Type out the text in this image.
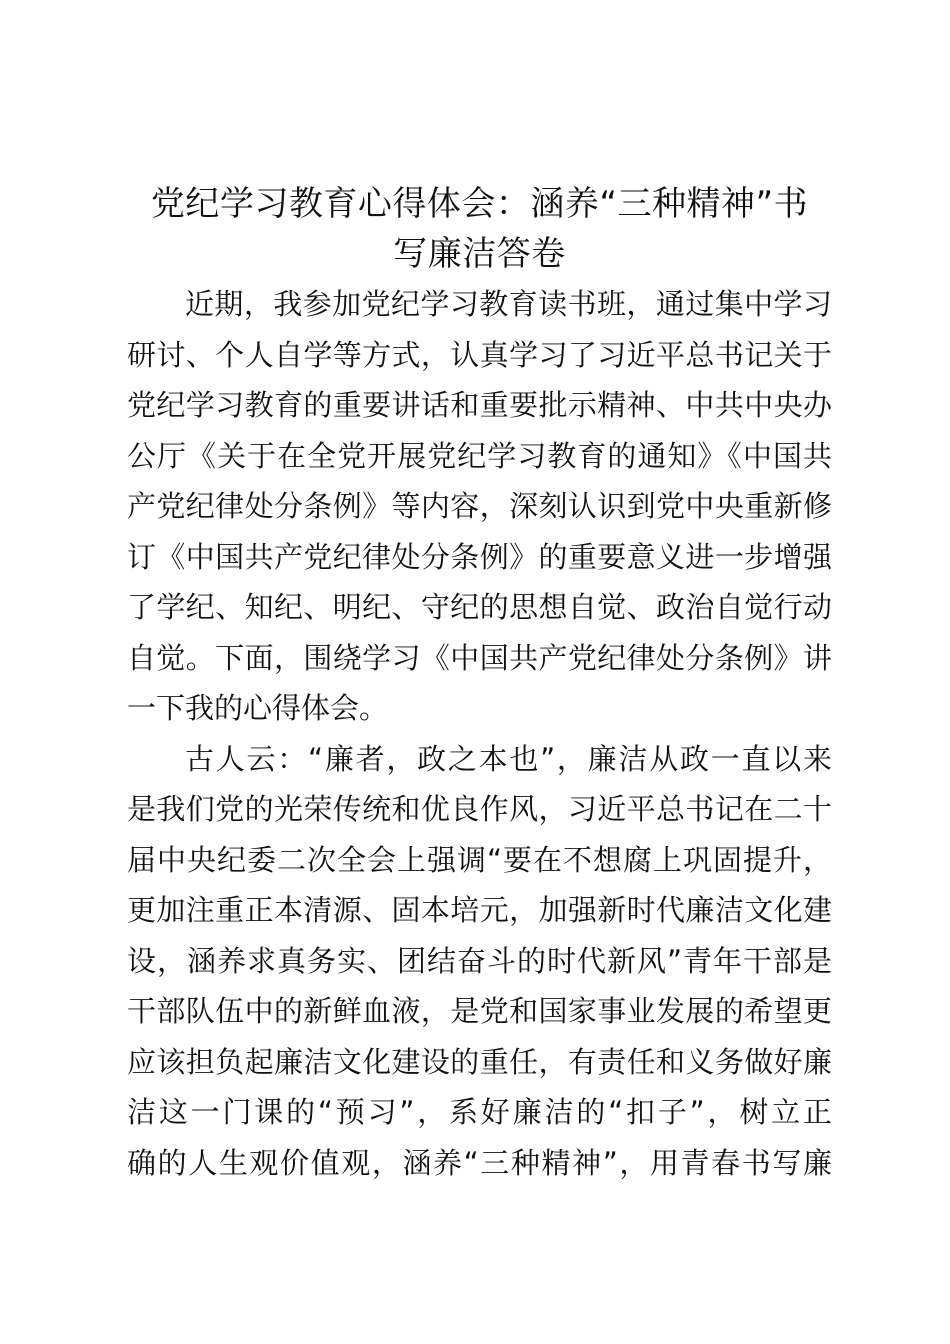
党纪学习教育心得体会：涵养“三种精神”书
写廉洁答卷
近期，我参加党纪学习教育读书班，通过集中学习
研讨、个人自学等方式，认真学习了习近平总书记关于
党纪学习教育的重要讲话和重要批示精神、中共中央办
公厅《关于在全党开展党纪学习教育的通知》《中国共
产党纪律处分条例》等内容，深刻认识到党中央重新修
订《中国共产党纪律处分条例》的重要意义进一步增强
了学纪、知纪、明纪、守纪的思想自觉、政治自觉行动
自觉。下面，围绕学习《中国共产党纪律处分条例》讲
一下我的心得体会。
古人云：“廉者，政之本也”，廉洁从政一直以来
是我们党的光荣传统和优良作风，习近平总书记在二十
届中央纪委二次全会上强调“要在不想腐上巩固提升，
更加注重正本清源、固本培元，加强新时代廉洁文化建
设，涵养求真务实、团结奋斗的时代新风”青年干部是
干部队伍中的新鲜血液，是党和国家事业发展的希望更
应该担负起廉洁文化建设的重任，有责任和义务做好廉
洁这一门课的“预习”，系好廉洁的“扣子”，树立正
确的人生观价值观，涵养“三种精神”，用青春书写廉
